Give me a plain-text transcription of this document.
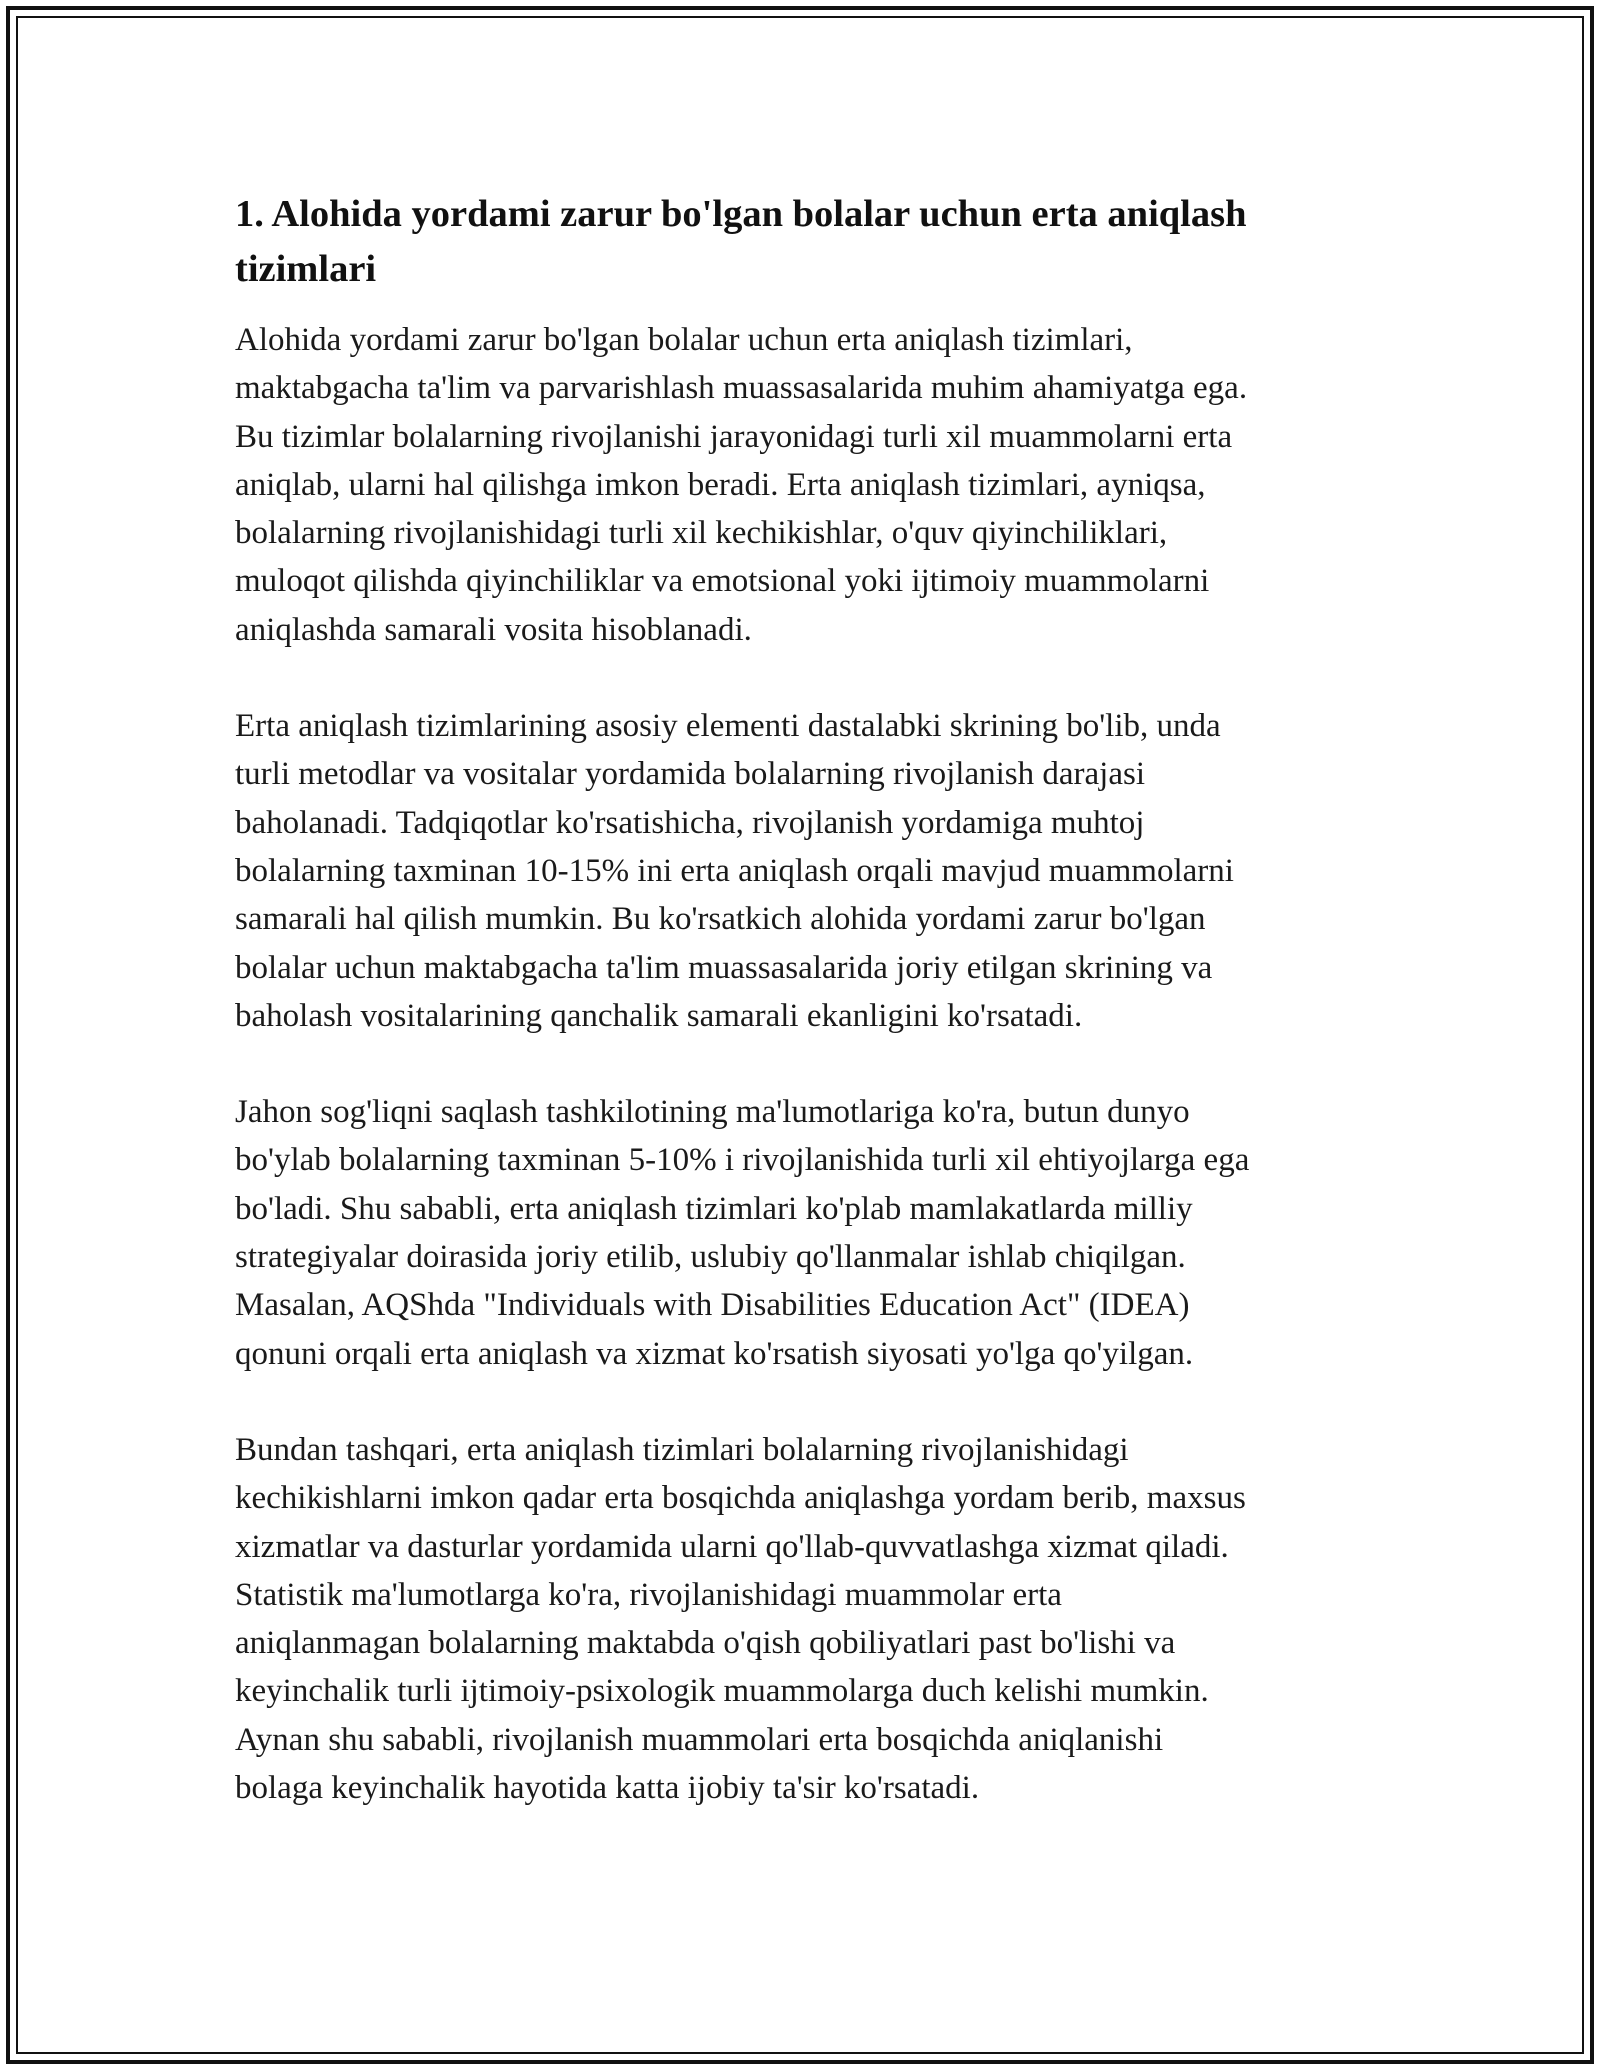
1. Alohida yordami zarur bo'lgan bolalar uchun erta aniqlash
tizimlari

Alohida yordami zarur bo'lgan bolalar uchun erta aniqlash tizimlari,
maktabgacha ta'lim va parvarishlash muassasalarida muhim ahamiyatga ega.
Bu tizimlar bolalarning rivojlanishi jarayonidagi turli xil muammolarni erta
aniqlab, ularni hal qilishga imkon beradi. Erta aniqlash tizimlari, ayniqsa,
bolalarning rivojlanishidagi turli xil kechikishlar, o'quv qiyinchiliklari,
muloqot qilishda qiyinchiliklar va emotsional yoki ijtimoiy muammolarni
aniqlashda samarali vosita hisoblanadi.

Erta aniqlash tizimlarining asosiy elementi dastalabki skrining bo'lib, unda
turli metodlar va vositalar yordamida bolalarning rivojlanish darajasi
baholanadi. Tadqiqotlar ko'rsatishicha, rivojlanish yordamiga muhtoj
bolalarning taxminan 10-15% ini erta aniqlash orqali mavjud muammolarni
samarali hal qilish mumkin. Bu ko'rsatkich alohida yordami zarur bo'lgan
bolalar uchun maktabgacha ta'lim muassasalarida joriy etilgan skrining va
baholash vositalarining qanchalik samarali ekanligini ko'rsatadi.

Jahon sog'liqni saqlash tashkilotining ma'lumotlariga ko'ra, butun dunyo
bo'ylab bolalarning taxminan 5-10% i rivojlanishida turli xil ehtiyojlarga ega
bo'ladi. Shu sababli, erta aniqlash tizimlari ko'plab mamlakatlarda milliy
strategiyalar doirasida joriy etilib, uslubiy qo'llanmalar ishlab chiqilgan.
Masalan, AQShda "Individuals with Disabilities Education Act" (IDEA)
qonuni orqali erta aniqlash va xizmat ko'rsatish siyosati yo'lga qo'yilgan.

Bundan tashqari, erta aniqlash tizimlari bolalarning rivojlanishidagi
kechikishlarni imkon qadar erta bosqichda aniqlashga yordam berib, maxsus
xizmatlar va dasturlar yordamida ularni qo'llab-quvvatlashga xizmat qiladi.
Statistik ma'lumotlarga ko'ra, rivojlanishidagi muammolar erta
aniqlanmagan bolalarning maktabda o'qish qobiliyatlari past bo'lishi va
keyinchalik turli ijtimoiy-psixologik muammolarga duch kelishi mumkin.
Aynan shu sababli, rivojlanish muammolari erta bosqichda aniqlanishi
bolaga keyinchalik hayotida katta ijobiy ta'sir ko'rsatadi.
